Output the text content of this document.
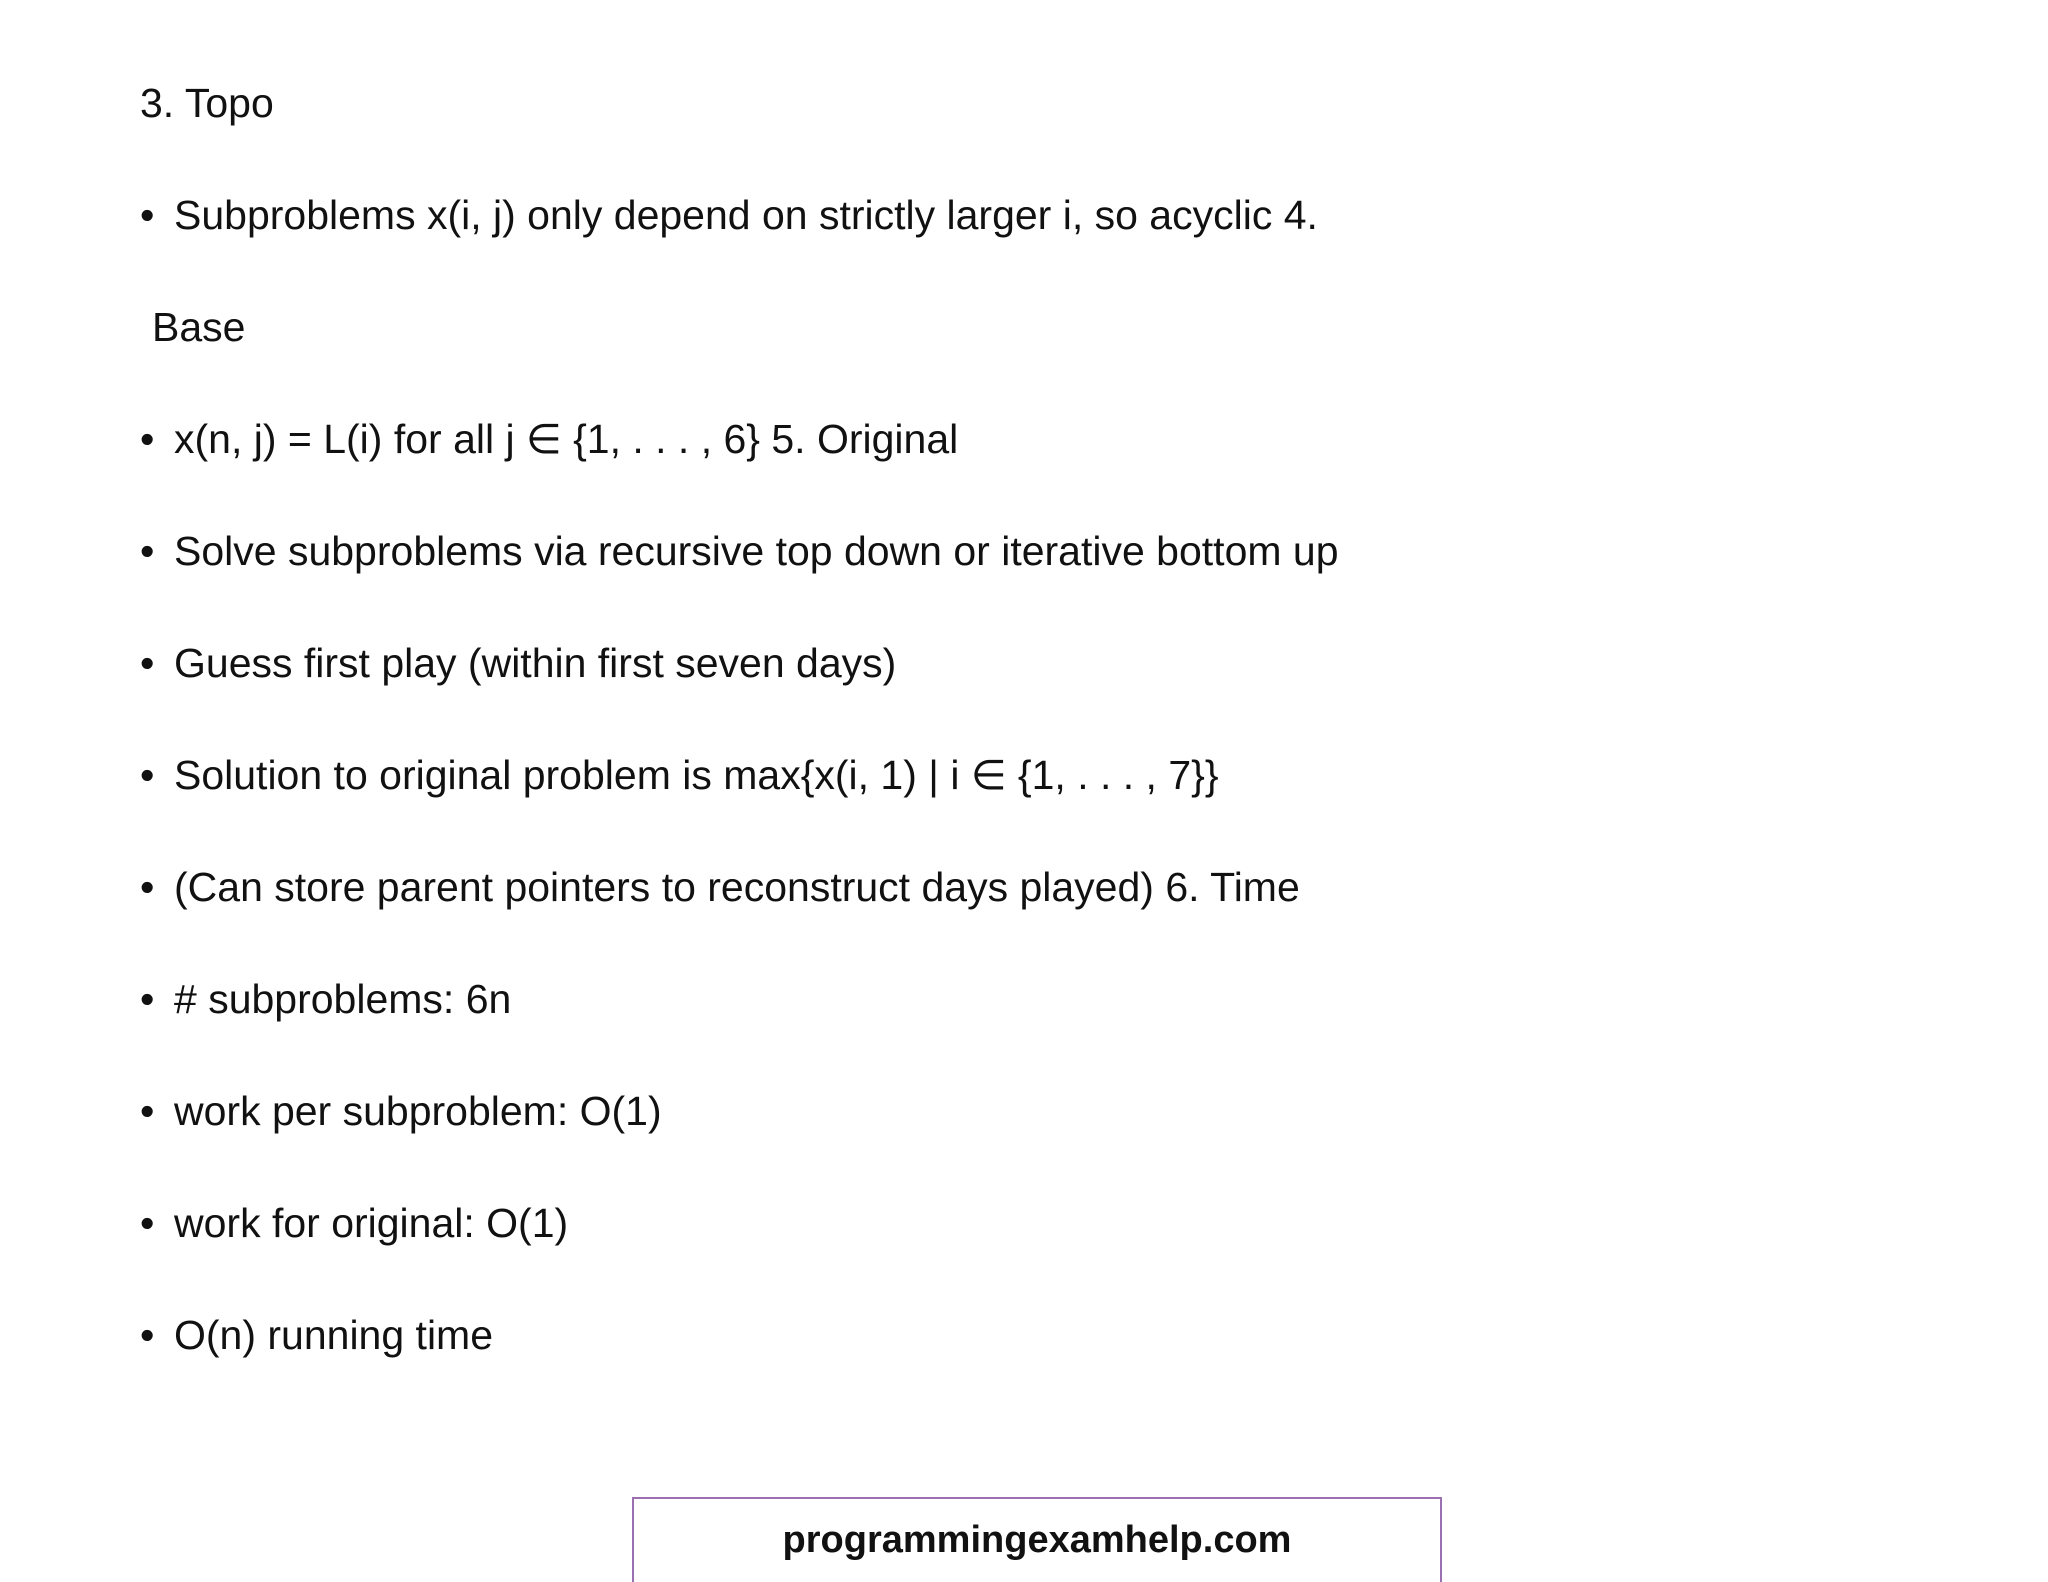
3. Topo
• Subproblems x(i, j) only depend on strictly larger i, so acyclic 4.
Base
• x(n, j) = L(i) for all j ∈ {1, . . . , 6} 5. Original
• Solve subproblems via recursive top down or iterative bottom up
• Guess first play (within first seven days)
• Solution to original problem is max{x(i, 1) | i ∈ {1, . . . , 7}}
• (Can store parent pointers to reconstruct days played) 6. Time
• # subproblems: 6n
• work per subproblem: O(1)
• work for original: O(1)
• O(n) running time
programmingexamhelp.com
